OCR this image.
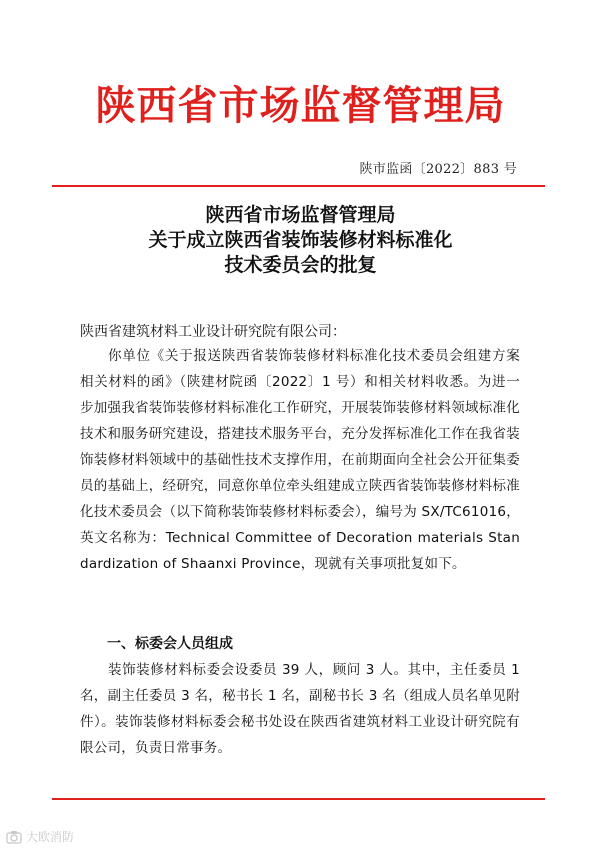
陕西省市场监督管理局
陕市监函〔2022〕883 号
陕西省市场监督管理局
关于成立陕西省装饰装修材料标准化
技术委员会的批复
陕西省建筑材料工业设计研究院有限公司：
你单位《关于报送陕西省装饰装修材料标准化技术委员会组建方案相关材料的函》（陕建材院函〔2022〕1 号）和相关材料收悉。为进一步加强我省装饰装修材料标准化工作研究，开展装饰装修材料领域标准化技术和服务研究建设，搭建技术服务平台，充分发挥标准化工作在我省装饰装修材料领域中的基础性技术支撑作用，在前期面向全社会公开征集委员的基础上，经研究，同意你单位牵头组建成立陕西省装饰装修材料标准化技术委员会（以下简称装饰装修材料标委会），编号为 SX/TC61016，英文名称为：Technical Committee of Decoration materials Standardization of Shaanxi Province，现就有关事项批复如下。
一、标委会人员组成
装饰装修材料标委会设委员 39 人，顾问 3 人。其中，主任委员 1 名，副主任委员 3 名，秘书长 1 名，副秘书长 3 名（组成人员名单见附件）。装饰装修材料标委会秘书处设在陕西省建筑材料工业设计研究院有限公司，负责日常事务。
大欧消防
